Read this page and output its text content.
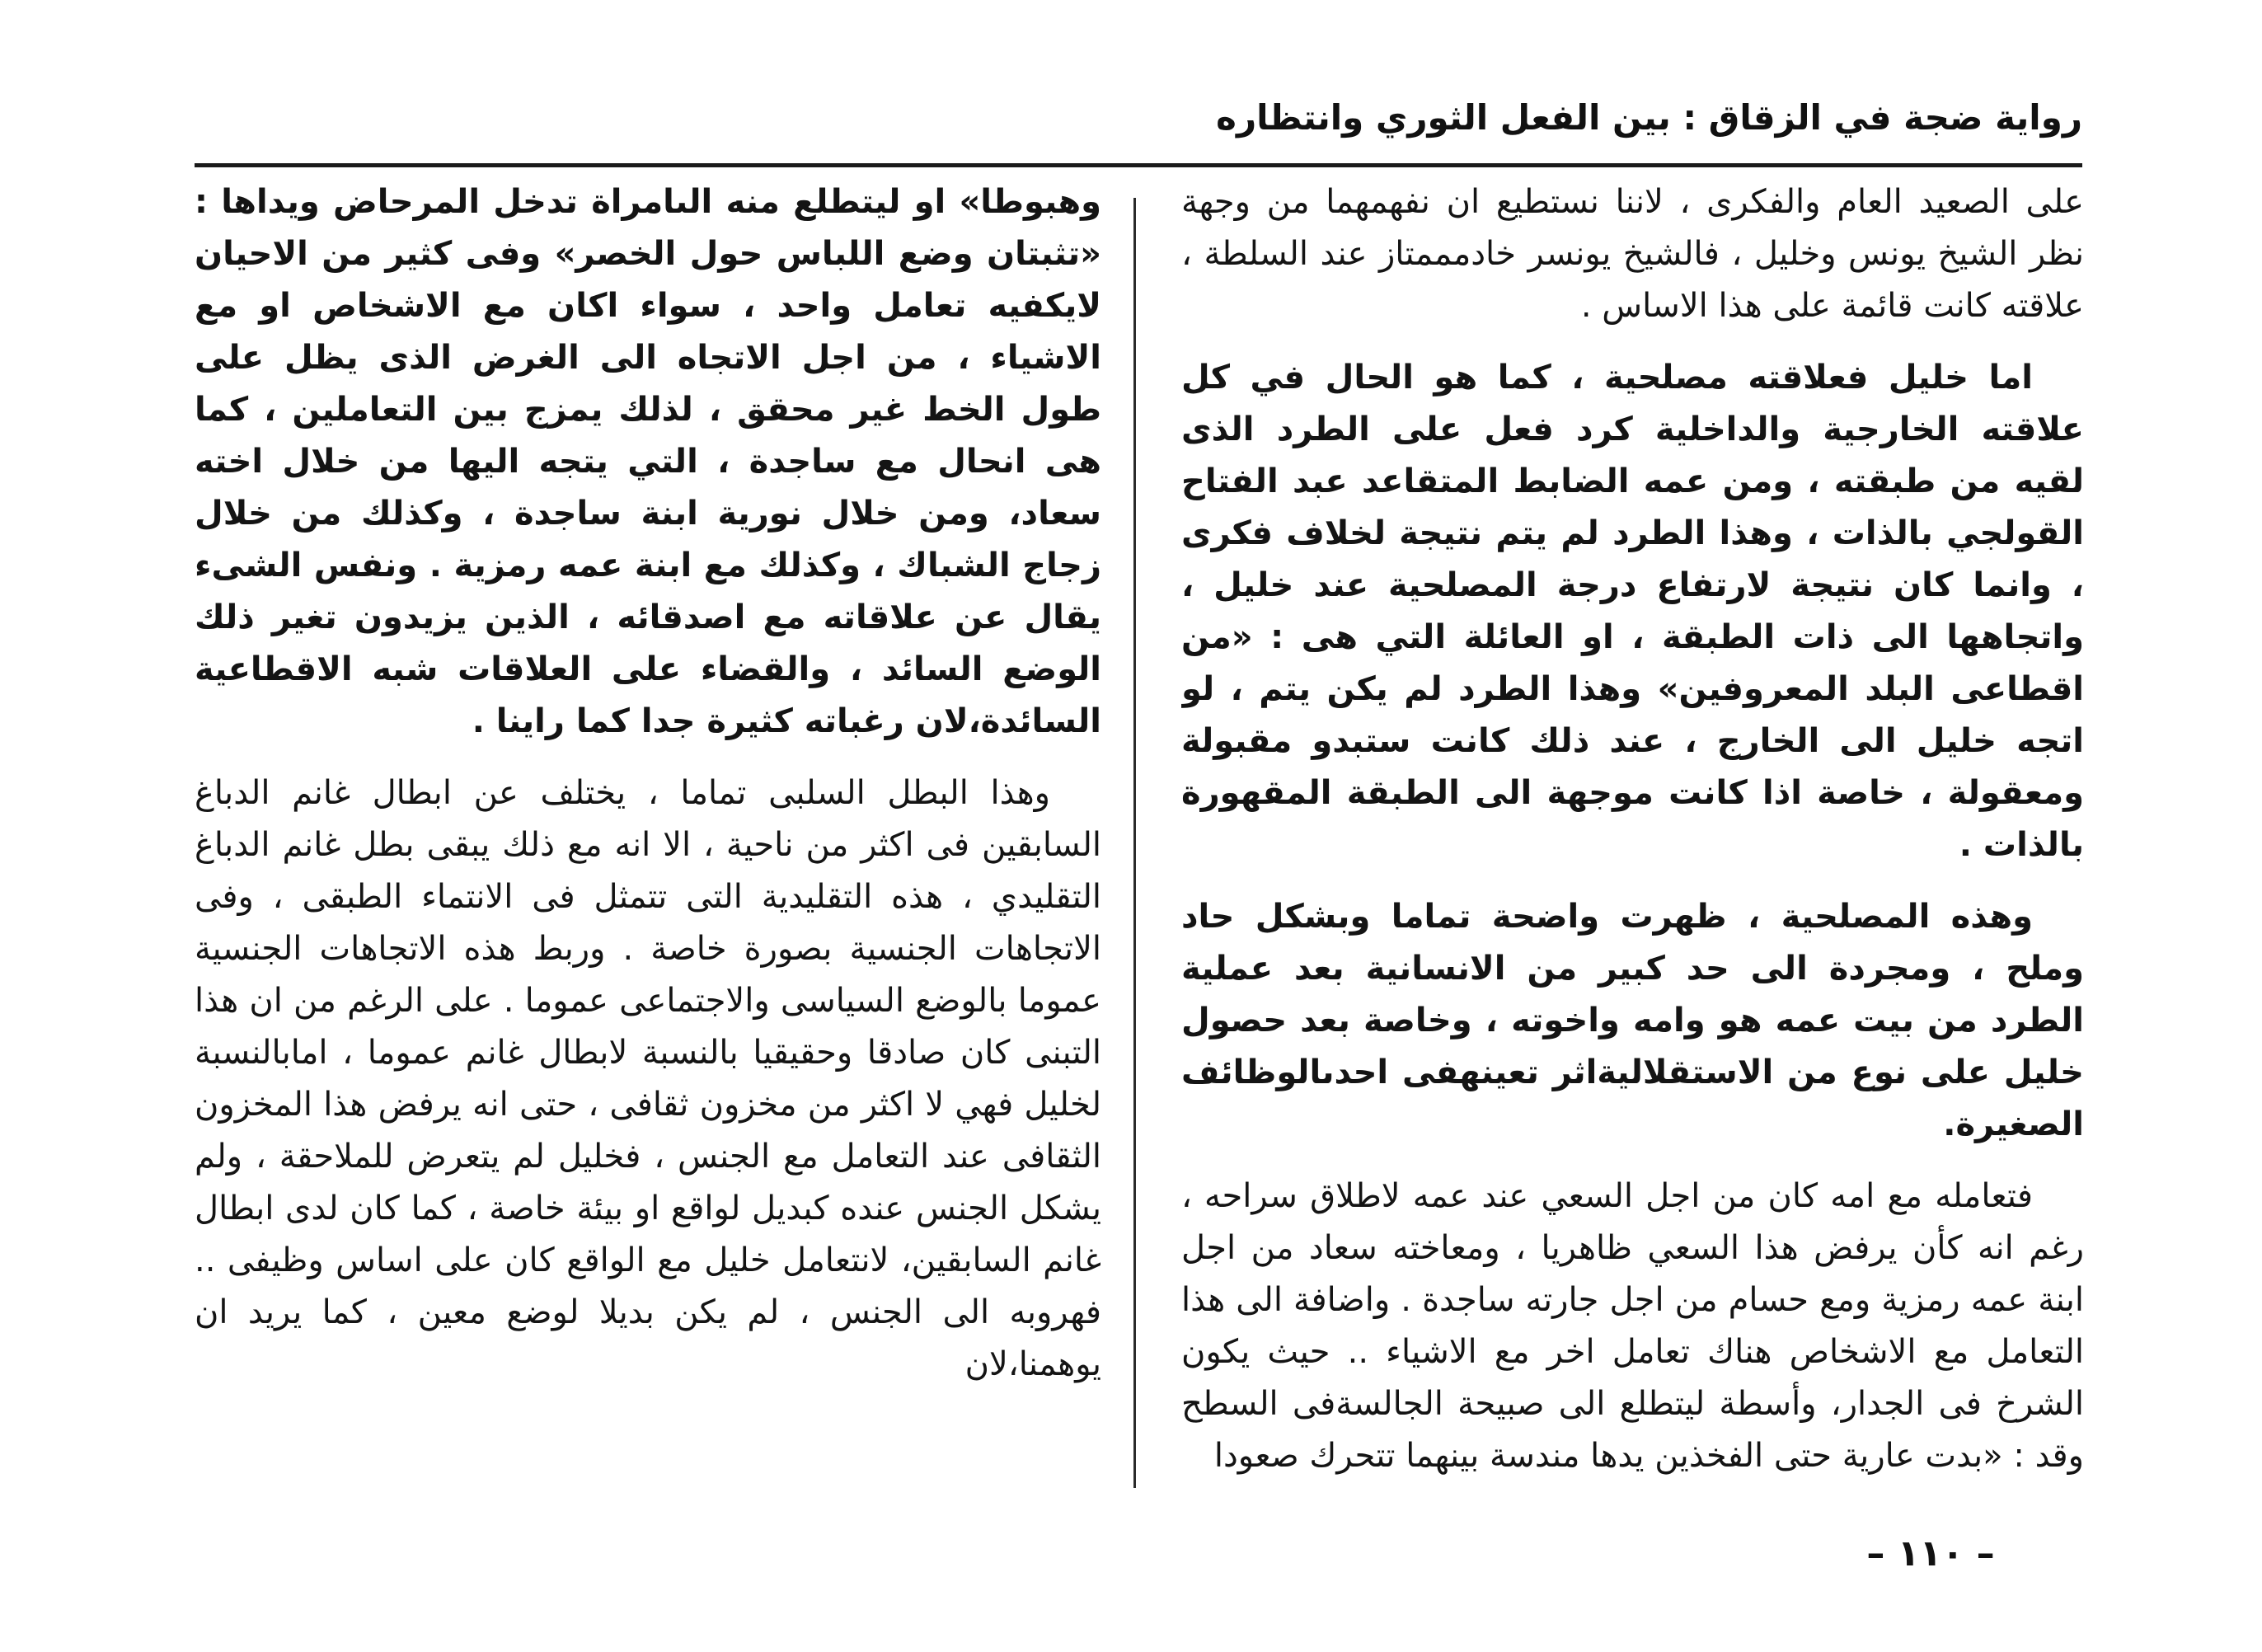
رواية ضجة في الزقاق : بين الفعل الثوري وانتظاره

على الصعيد العام والفكرى ، لاننا نستطيع ان نفهمهما من وجهة نظر الشيخ يونس وخليل ، فالشيخ يونسر خادمممتاز عند السلطة ، علاقته كانت قائمة على هذا الاساس .

اما خليل فعلاقته مصلحية ، كما هو الحال في كل علاقته الخارجية والداخلية كرد فعل على الطرد الذى لقيه من طبقته ، ومن عمه الضابط المتقاعد عبد الفتاح القولجي بالذات ، وهذا الطرد لم يتم نتيجة لخلاف فكرى ، وانما كان نتيجة لارتفاع درجة المصلحية عند خليل ، واتجاهها الى ذات الطبقة ، او العائلة التي هى : «من اقطاعى البلد المعروفين» وهذا الطرد لم يكن يتم ، لو اتجه خليل الى الخارج ، عند ذلك كانت ستبدو مقبولة ومعقولة ، خاصة اذا كانت موجهة الى الطبقة المقهورة بالذات .

وهذه المصلحية ، ظهرت واضحة تماما وبشكل حاد وملح ، ومجردة الى حد كبير من الانسانية بعد عملية الطرد من بيت عمه هو وامه واخوته ، وخاصة بعد حصول خليل على نوع من الاستقلاليةاثر تعينهفى احدىالوظائف الصغيرة.

فتعامله مع امه كان من اجل السعي عند عمه لاطلاق سراحه ، رغم انه كأن يرفض هذا السعي ظاهريا ، ومعاخته سعاد من اجل ابنة عمه رمزية ومع حسام من اجل جارته ساجدة . واضافة الى هذا التعامل مع الاشخاص هناك تعامل اخر مع الاشياء .. حيث يكون الشرخ فى الجدار، وأسطة ليتطلع الى صبيحة الجالسةفى السطح وقد : «بدت عارية حتى الفخذين يدها مندسة بينهما تتحرك صعودا

وهبوطا» او ليتطلع منه الىامراة تدخل المرحاض ويداها : «تثبتان وضع اللباس حول الخصر» وفى كثير من الاحيان لايكفيه تعامل واحد ، سواء اكان مع الاشخاص او مع الاشياء ، من اجل الاتجاه الى الغرض الذى يظل على طول الخط غير محقق ، لذلك يمزج بين التعاملين ، كما هى انحال مع ساجدة ، التي يتجه اليها من خلال اخته سعاد، ومن خلال نورية ابنة ساجدة ، وكذلك من خلال زجاج الشباك ، وكذلك مع ابنة عمه رمزية . ونفس الشىء يقال عن علاقاته مع اصدقائه ، الذين يزيدون تغير ذلك الوضع السائد ، والقضاء على العلاقات شبه الاقطاعية السائدة،لان رغباته كثيرة جدا كما راينا .

وهذا البطل السلبى تماما ، يختلف عن ابطال غانم الدباغ السابقين فى اكثر من ناحية ، الا انه مع ذلك يبقى بطل غانم الدباغ التقليدي ، هذه التقليدية التى تتمثل فى الانتماء الطبقى ، وفى الاتجاهات الجنسية بصورة خاصة . وربط هذه الاتجاهات الجنسية عموما بالوضع السياسى والاجتماعى عموما . على الرغم من ان هذا التبنى كان صادقا وحقيقيا بالنسبة لابطال غانم عموما ، امابالنسبة لخليل فهي لا اكثر من مخزون ثقافى ، حتى انه يرفض هذا المخزون الثقافى عند التعامل مع الجنس ، فخليل لم يتعرض للملاحقة ، ولم يشكل الجنس عنده كبديل لواقع او بيئة خاصة ، كما كان لدى ابطال غانم السابقين، لانتعامل خليل مع الواقع كان على اساس وظيفى .. فهروبه الى الجنس ، لم يكن بديلا لوضع معين ، كما يريد ان يوهمنا،لان

– ١١٠ –
